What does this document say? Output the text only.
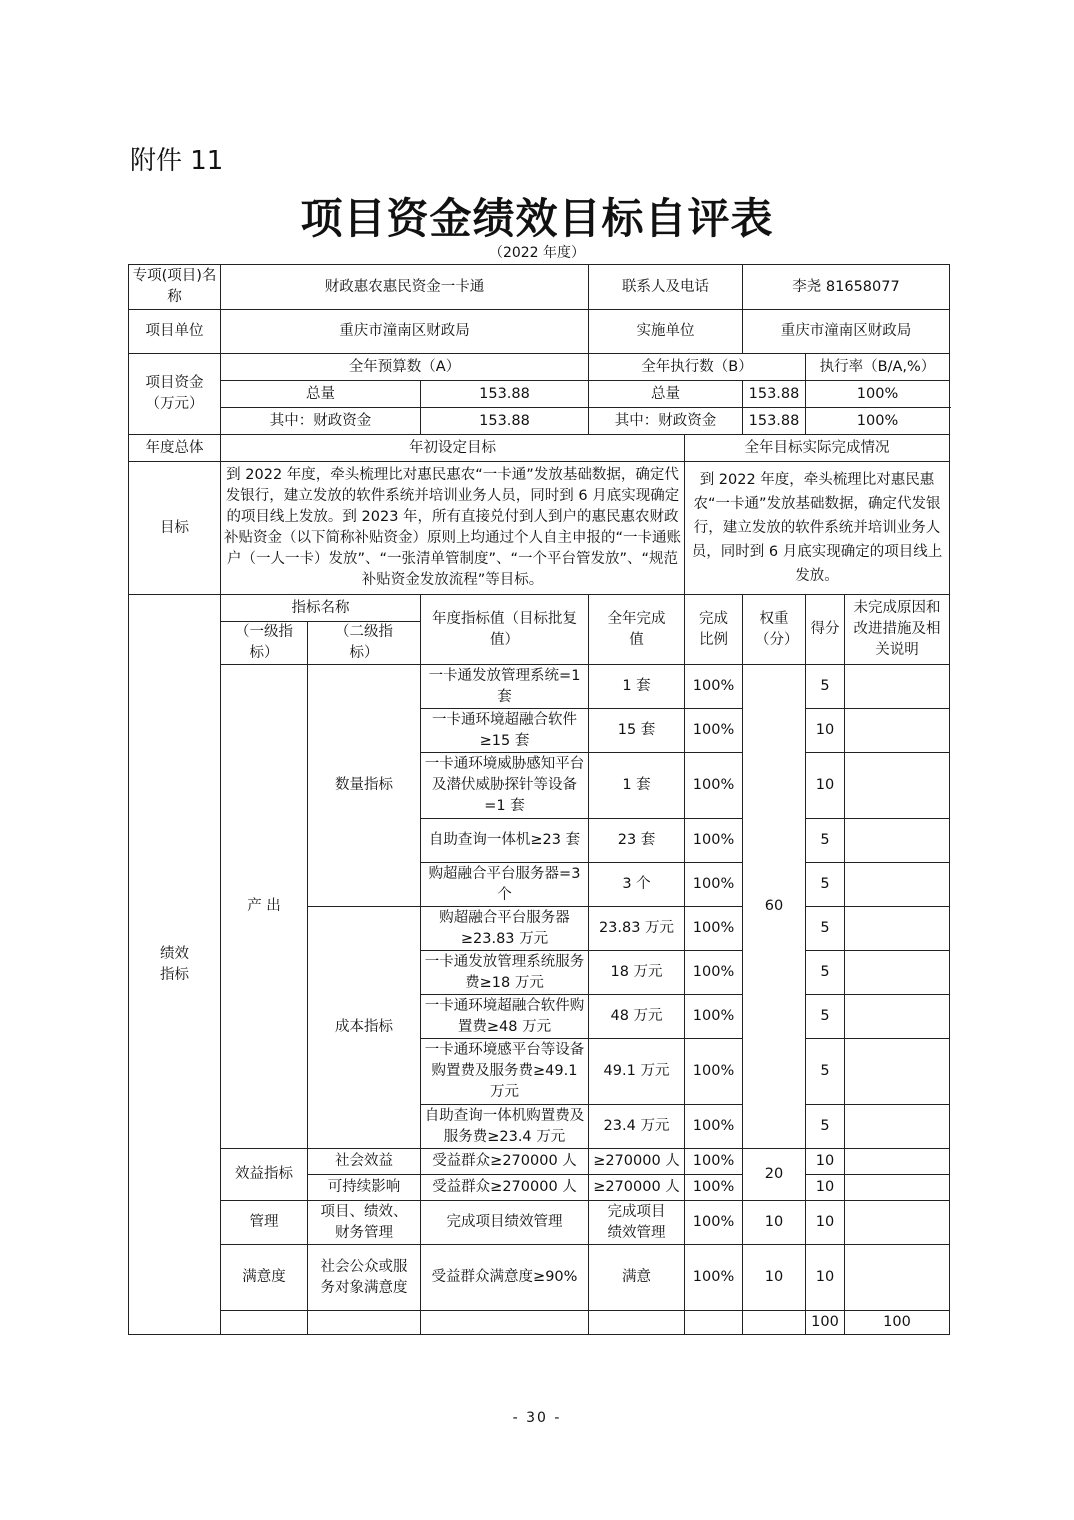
附件 11
项目资金绩效目标自评表
（2022 年度）
专项(项目)名称	财政惠农惠民资金一卡通			联系人及电话		李尧 81658077			
项目单位	重庆市潼南区财政局			实施单位		重庆市潼南区财政局			
项目资金（万元）	全年预算数（A）			全年执行数（B）			执行率（B/A,%）		
	总量		153.88	总量		153.88	100%		
	其中：财政资金		153.88	其中：财政资金		153.88	100%		
年度总体	年初设定目标				全年目标实际完成情况				
目标	到 2022 年度，牵头梳理比对惠民惠农“一卡通”发放基础数据，确定代发银行，建立发放的软件系统并培训业务人员，同时到 6 月底实现确定的项目线上发放。到 2023 年，所有直接兑付到人到户的惠民惠农财政补贴资金（以下简称补贴资金）原则上均通过个人自主申报的“一卡通账户（一人一卡）发放”、“一张清单管制度”、“一个平台管发放”、“规范补贴资金发放流程”等目标。				到 2022 年度，牵头梳理比对惠民惠农“一卡通”发放基础数据，确定代发银行，建立发放的软件系统并培训业务人员，同时到 6 月底实现确定的项目线上发放。				
绩效指标	指标名称		年度指标值（目标批复值）	全年完成值	完成比例	权重（分）	得分	未完成原因和改进措施及相关说明	
	（一级指标）	（二级指标）							
	产 出	数量指标	一卡通发放管理系统=1 套	1 套	100%	60	5		
			一卡通环境超融合软件≥15 套	15 套	100%		10		
			一卡通环境威胁感知平台及潜伏威胁探针等设备=1 套	1 套	100%		10		
			自助查询一体机≥23 套	23 套	100%		5		
			购超融合平台服务器=3 个	3 个	100%		5		
		成本指标	购超融合平台服务器≥23.83 万元	23.83 万元	100%		5		
			一卡通发放管理系统服务费≥18 万元	18 万元	100%		5		
			一卡通环境超融合软件购置费≥48 万元	48 万元	100%		5		
			一卡通环境感平台等设备购置费及服务费≥49.1 万元	49.1 万元	100%		5		
			自助查询一体机购置费及服务费≥23.4 万元	23.4 万元	100%		5		
	效益指标	社会效益	受益群众≥270000 人	≥270000 人	100%	20	10		
		可持续影响	受益群众≥270000 人	≥270000 人	100%		10		
	管理	项目、绩效、财务管理	完成项目绩效管理	完成项目绩效管理	100%	10	10		
	满意度	社会公众或服务对象满意度	受益群众满意度≥90%	满意	100%	10	10		
							100	100	
- 30 -
